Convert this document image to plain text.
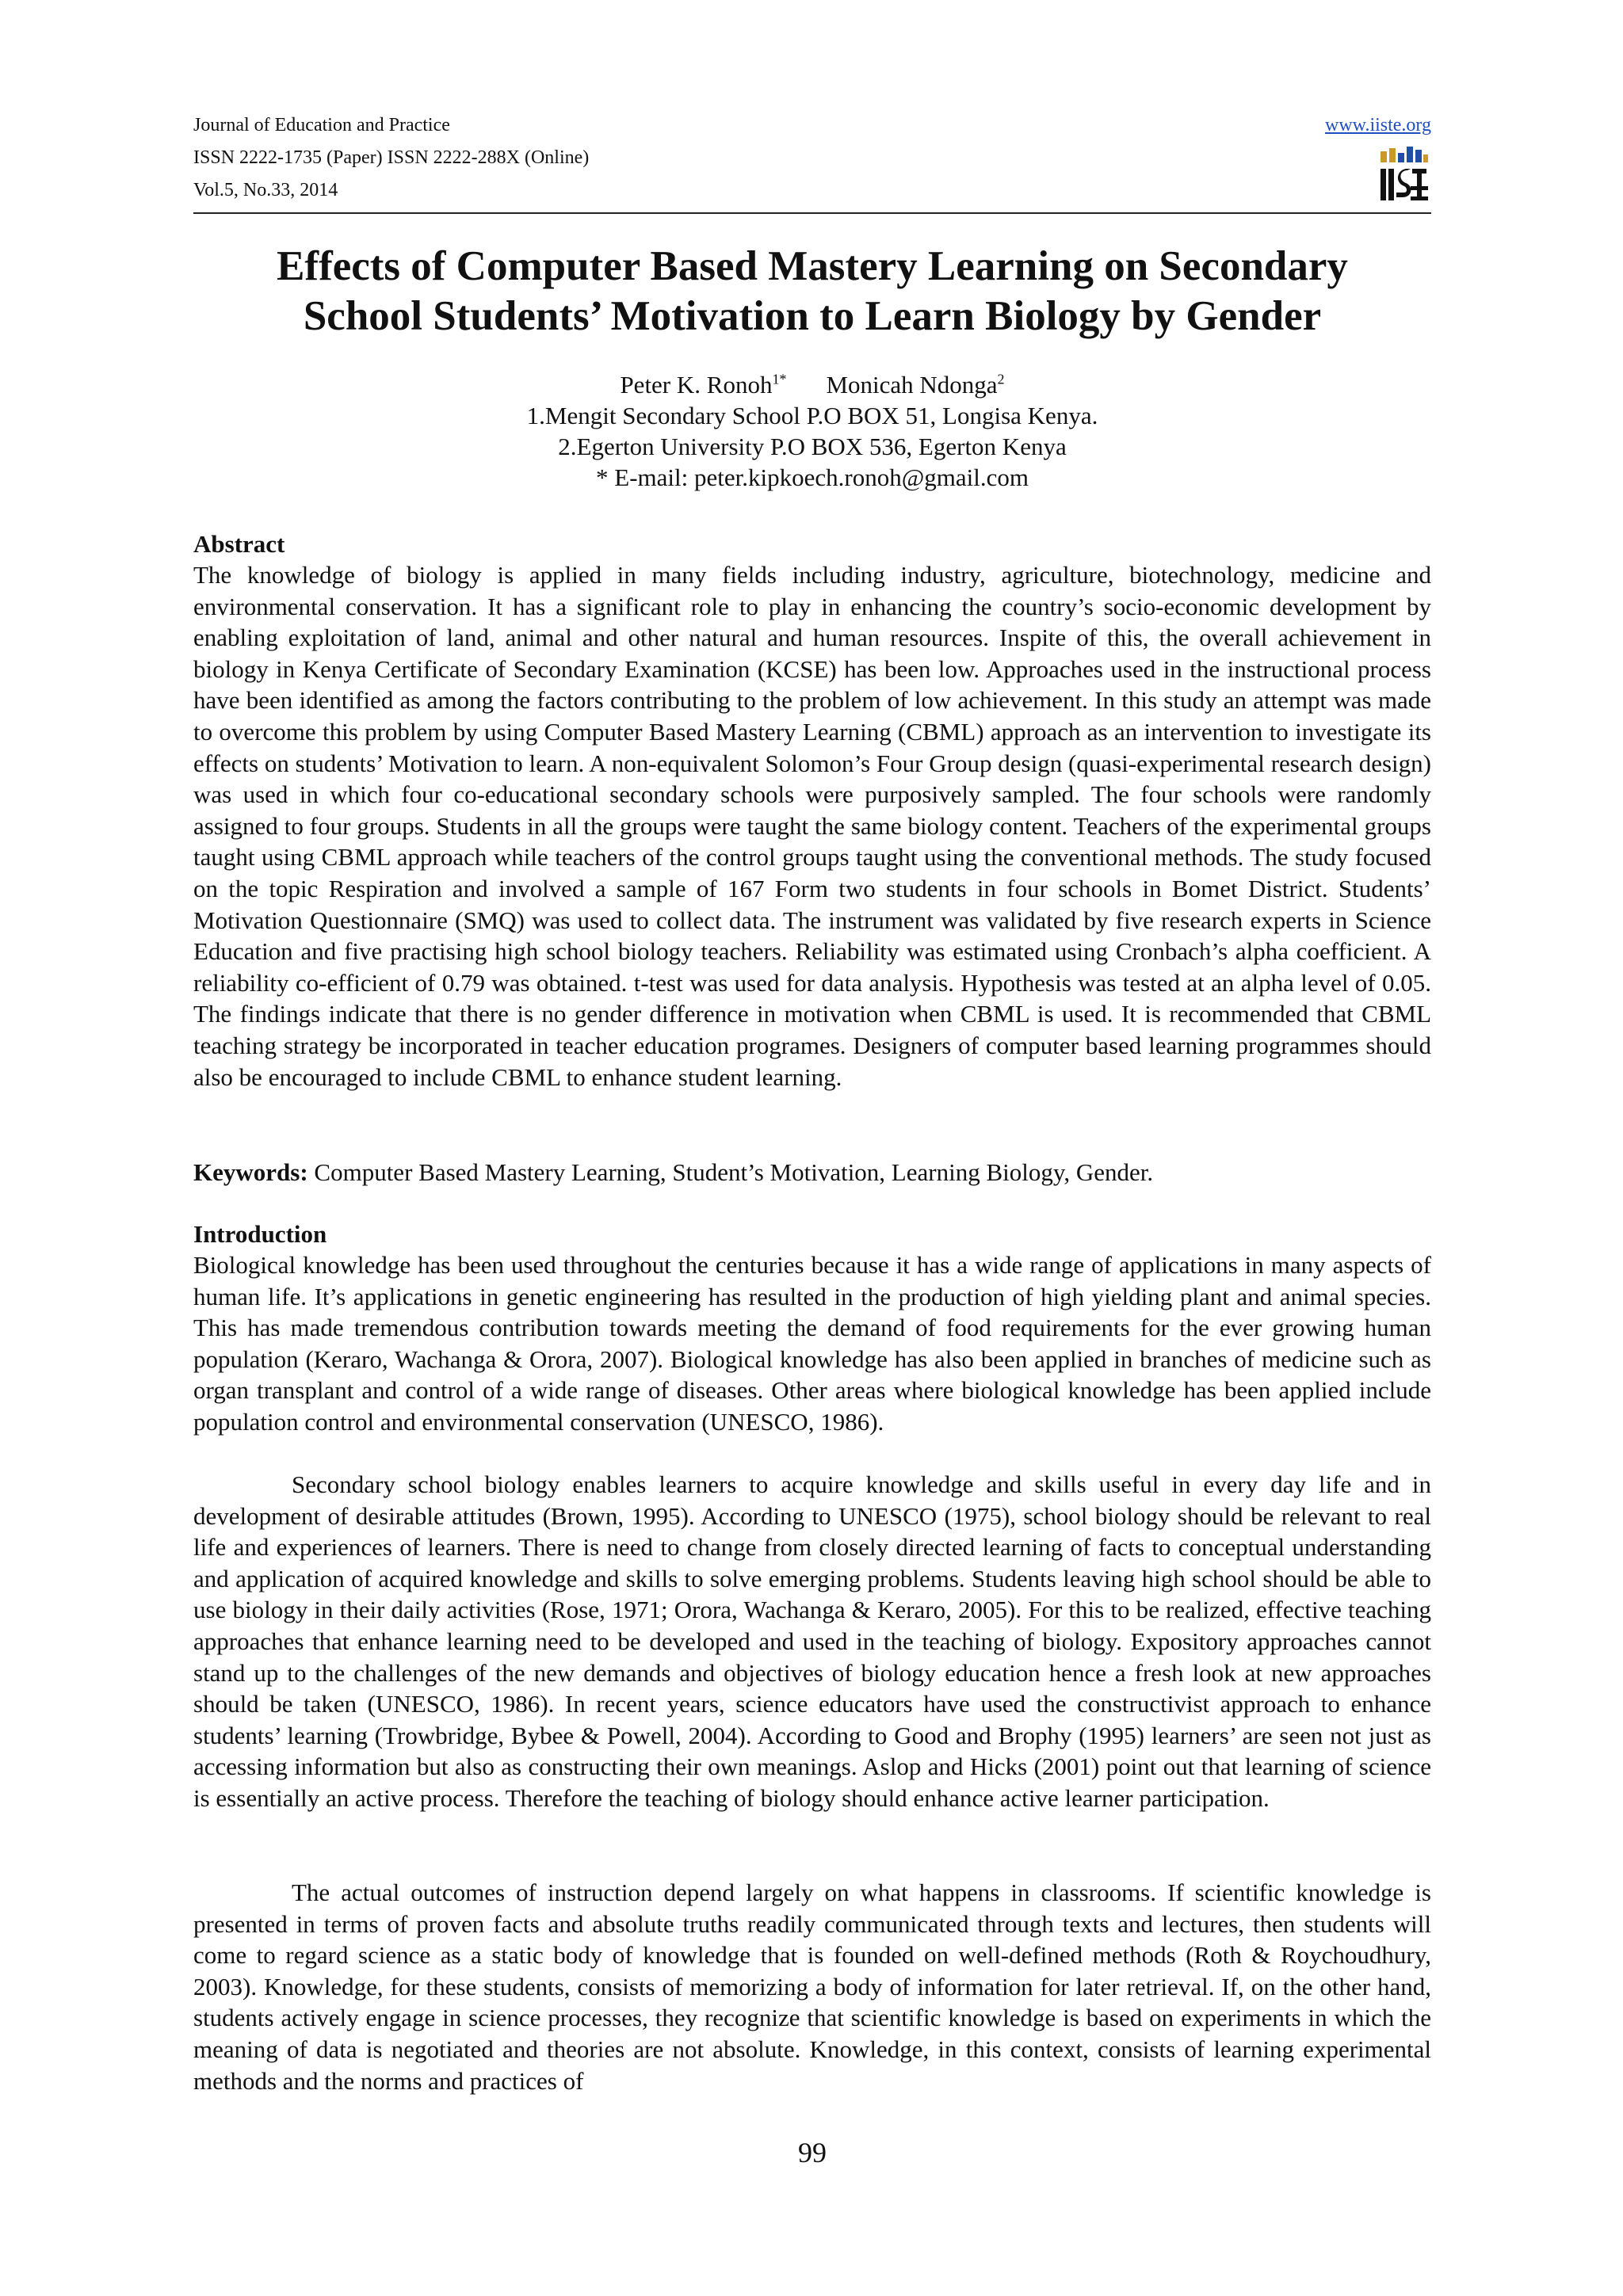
Journal of Education and Practice
ISSN 2222-1735 (Paper) ISSN 2222-288X (Online)
Vol.5, No.33, 2014
www.iiste.org
Effects of Computer Based Mastery Learning on Secondary
School Students’ Motivation to Learn Biology by Gender
Peter K. Ronoh$^{1*}$ Monicah Ndonga$^2$
1.Mengit Secondary School P.O BOX 51, Longisa Kenya.
2.Egerton University P.O BOX 536, Egerton Kenya
* E-mail: peter.kipkoech.ronoh@gmail.com
Abstract

The knowledge of biology is applied in many fields including industry, agriculture, biotechnology, medicine and environmental conservation. It has a significant role to play in enhancing the country’s socio-economic development by enabling exploitation of land, animal and other natural and human resources. Inspite of this, the overall achievement in biology in Kenya Certificate of Secondary Examination (KCSE) has been low. Approaches used in the instructional process have been identified as among the factors contributing to the problem of low achievement. In this study an attempt was made to overcome this problem by using Computer Based Mastery Learning (CBML) approach as an intervention to investigate its effects on students’ Motivation to learn. A non-equivalent Solomon’s Four Group design (quasi-experimental research design) was used in which four co-educational secondary schools were purposively sampled. The four schools were randomly assigned to four groups. Students in all the groups were taught the same biology content. Teachers of the experimental groups taught using CBML approach while teachers of the control groups taught using the conventional methods. The study focused on the topic Respiration and involved a sample of 167 Form two students in four schools in Bomet District. Students’ Motivation Questionnaire (SMQ) was used to collect data. The instrument was validated by five research experts in Science Education and five practising high school biology teachers. Reliability was estimated using Cronbach’s alpha coefficient. A reliability co-efficient of 0.79 was obtained. t-test was used for data analysis. Hypothesis was tested at an alpha level of 0.05. The findings indicate that there is no gender difference in motivation when CBML is used. It is recommended that CBML teaching strategy be incorporated in teacher education programes. Designers of computer based learning programmes should also be encouraged to include CBML to enhance student learning.

Keywords: Computer Based Mastery Learning, Student’s Motivation, Learning Biology, Gender.

Introduction

Biological knowledge has been used throughout the centuries because it has a wide range of applications in many aspects of human life. It’s applications in genetic engineering has resulted in the production of high yielding plant and animal species. This has made tremendous contribution towards meeting the demand of food requirements for the ever growing human population (Keraro, Wachanga & Orora, 2007). Biological knowledge has also been applied in branches of medicine such as organ transplant and control of a wide range of diseases. Other areas where biological knowledge has been applied include population control and environmental conservation (UNESCO, 1986).

Secondary school biology enables learners to acquire knowledge and skills useful in every day life and in development of desirable attitudes (Brown, 1995). According to UNESCO (1975), school biology should be relevant to real life and experiences of learners. There is need to change from closely directed learning of facts to conceptual understanding and application of acquired knowledge and skills to solve emerging problems. Students leaving high school should be able to use biology in their daily activities (Rose, 1971; Orora, Wachanga & Keraro, 2005). For this to be realized, effective teaching approaches that enhance learning need to be developed and used in the teaching of biology. Expository approaches cannot stand up to the challenges of the new demands and objectives of biology education hence a fresh look at new approaches should be taken (UNESCO, 1986). In recent years, science educators have used the constructivist approach to enhance students’ learning (Trowbridge, Bybee & Powell, 2004). According to Good and Brophy (1995) learners’ are seen not just as accessing information but also as constructing their own meanings. Aslop and Hicks (2001) point out that learning of science is essentially an active process. Therefore the teaching of biology should enhance active learner participation.

The actual outcomes of instruction depend largely on what happens in classrooms. If scientific knowledge is presented in terms of proven facts and absolute truths readily communicated through texts and lectures, then students will come to regard science as a static body of knowledge that is founded on well-defined methods (Roth & Roychoudhury, 2003). Knowledge, for these students, consists of memorizing a body of information for later retrieval. If, on the other hand, students actively engage in science processes, they recognize that scientific knowledge is based on experiments in which the meaning of data is negotiated and theories are not absolute. Knowledge, in this context, consists of learning experimental methods and the norms and practices of

99
